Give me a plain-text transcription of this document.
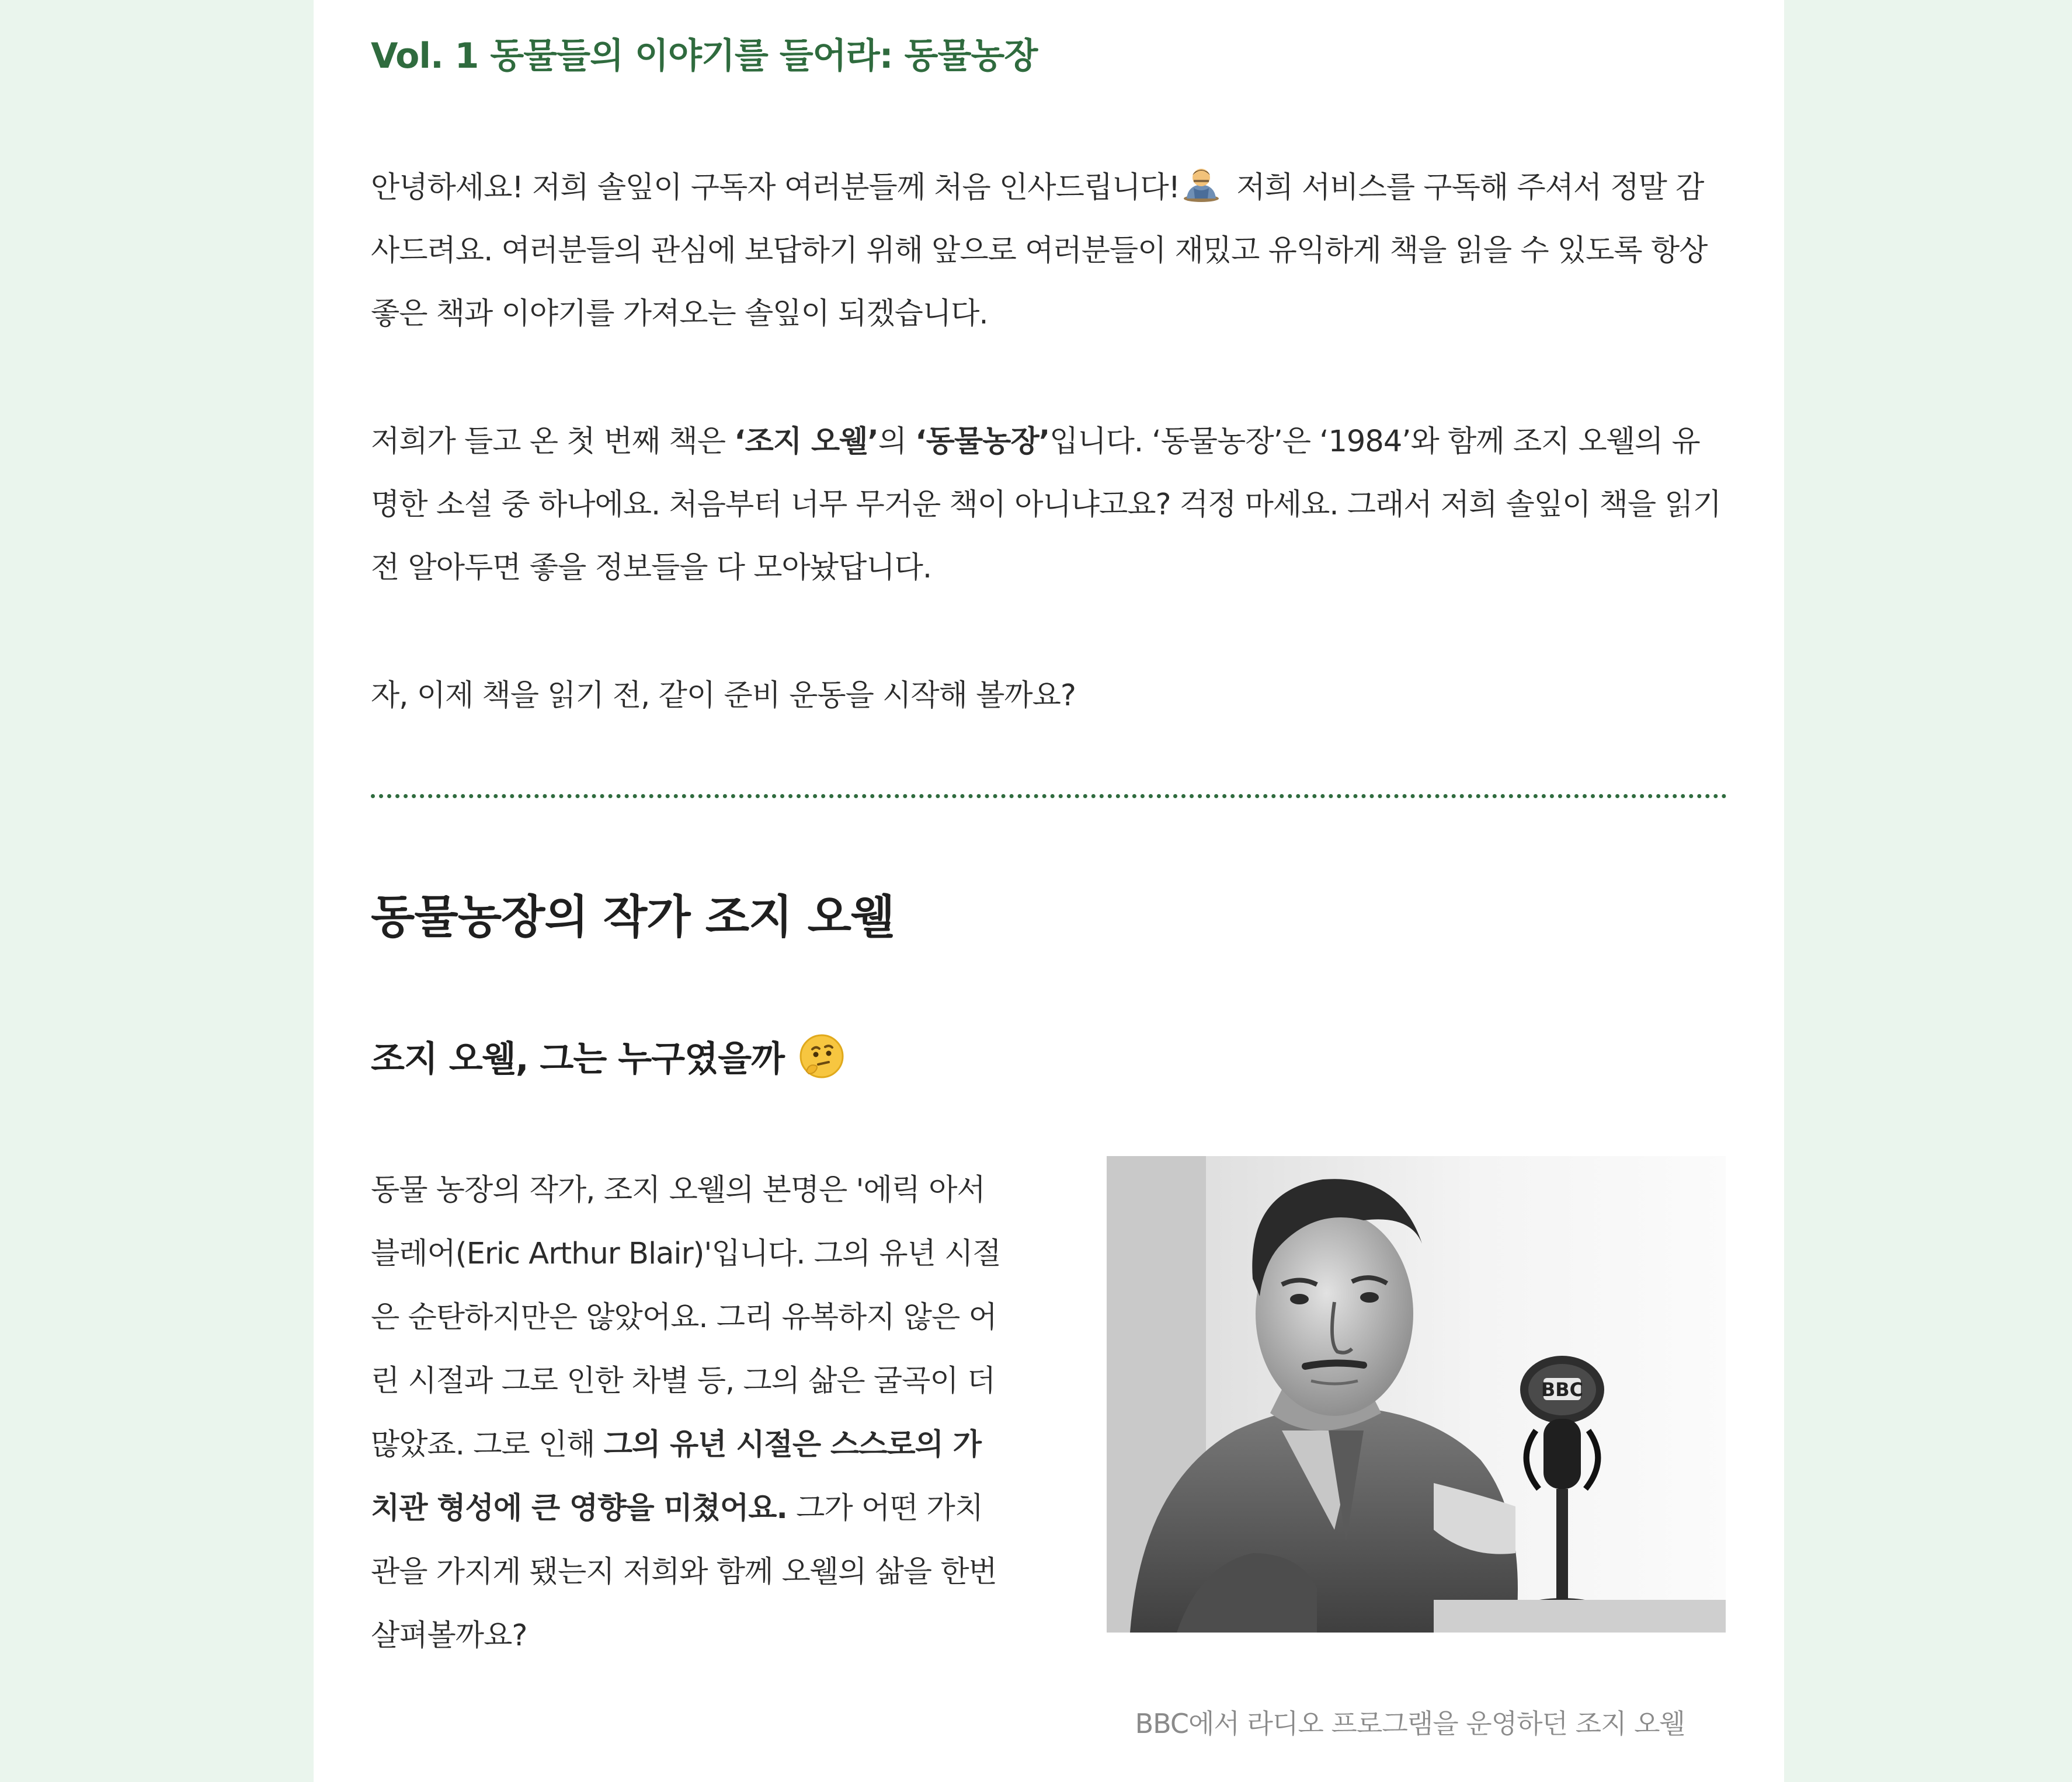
Vol. 1 동물들의 이야기를 들어라: 동물농장

안녕하세요! 저희 솔잎이 구독자 여러분들께 처음 인사드립니다! 저희 서비스를 구독해 주셔서 정말 감사드려요. 여러분들의 관심에 보답하기 위해 앞으로 여러분들이 재밌고 유익하게 책을 읽을 수 있도록 항상 좋은 책과 이야기를 가져오는 솔잎이 되겠습니다.

저희가 들고 온 첫 번째 책은 ‘조지 오웰’의 ‘동물농장’입니다. ‘동물농장’은 ‘1984’와 함께 조지 오웰의 유명한 소설 중 하나에요. 처음부터 너무 무거운 책이 아니냐고요? 걱정 마세요. 그래서 저희 솔잎이 책을 읽기 전 알아두면 좋을 정보들을 다 모아놨답니다.

자, 이제 책을 읽기 전, 같이 준비 운동을 시작해 볼까요?

동물농장의 작가 조지 오웰
조지 오웰, 그는 누구였을까

동물 농장의 작가, 조지 오웰의 본명은 '에릭 아서 블레어(Eric Arthur Blair)'입니다. 그의 유년 시절은 순탄하지만은 않았어요. 그리 유복하지 않은 어린 시절과 그로 인한 차별 등, 그의 삶은 굴곡이 더 많았죠. 그로 인해 그의 유년 시절은 스스로의 가치관 형성에 큰 영향을 미쳤어요. 그가 어떤 가치관을 가지게 됐는지 저희와 함께 오웰의 삶을 한번 살펴볼까요?

BBC

BBC에서 라디오 프로그램을 운영하던 조지 오웰
